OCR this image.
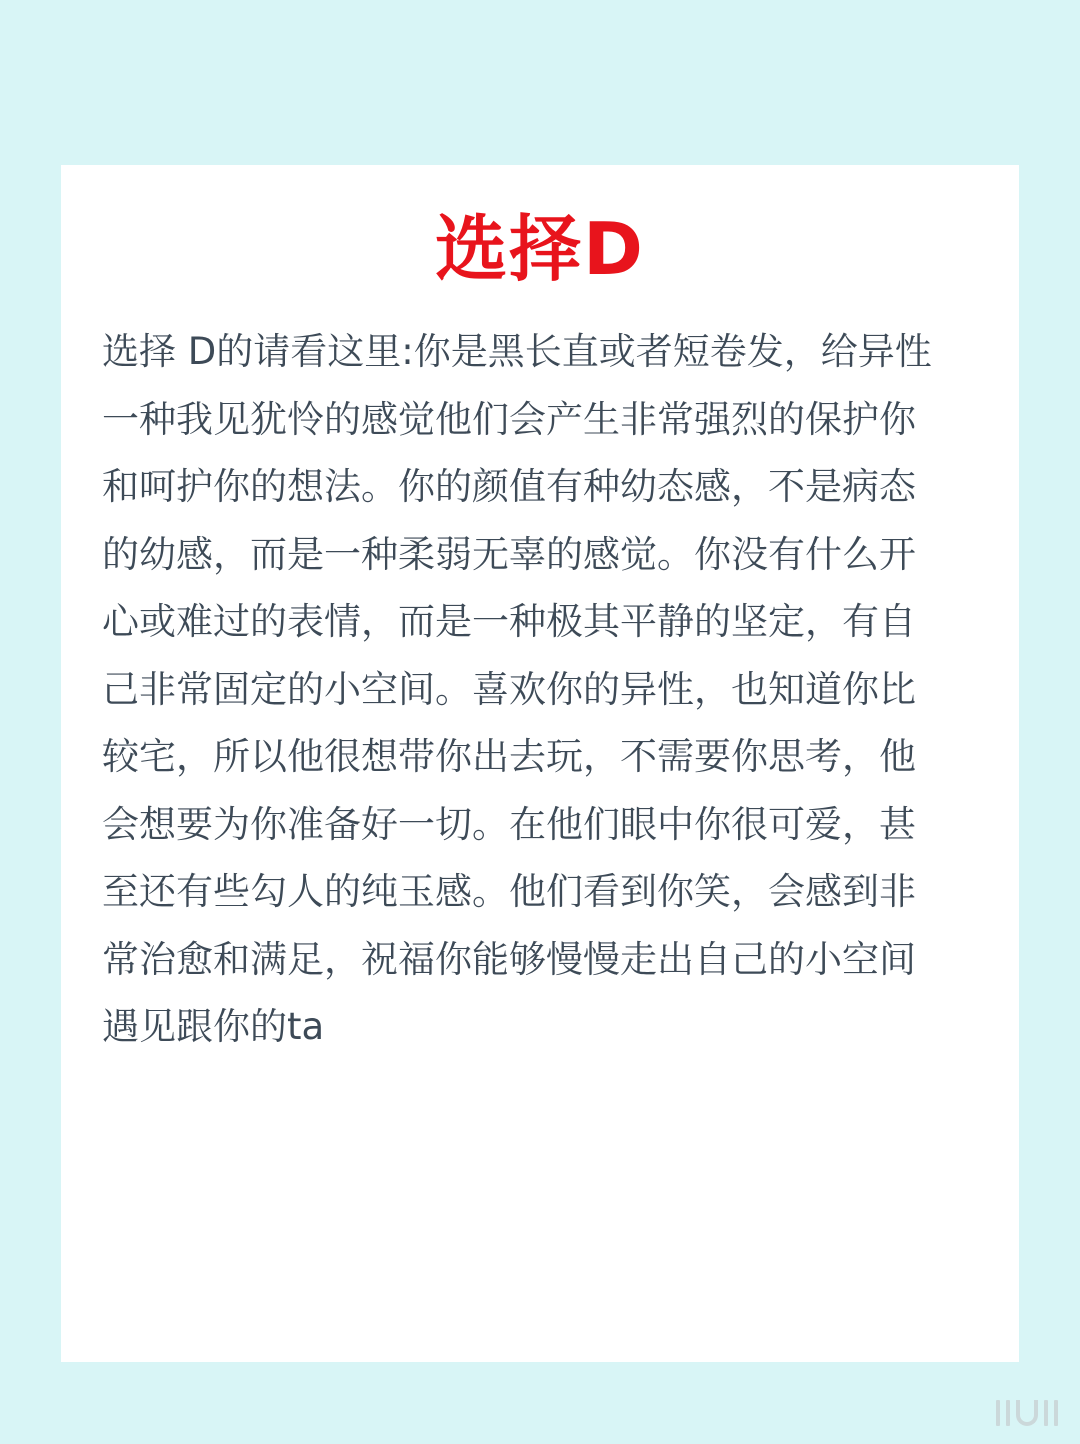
选择D

选择 D的请看这里:你是黑长直或者短卷发，给异性
一种我见犹怜的感觉他们会产生非常强烈的保护你
和呵护你的想法。你的颜值有种幼态感，不是病态
的幼感，而是一种柔弱无辜的感觉。你没有什么开
心或难过的表情，而是一种极其平静的坚定，有自
己非常固定的小空间。喜欢你的异性，也知道你比
较宅，所以他很想带你出去玩，不需要你思考，他
会想要为你准备好一切。在他们眼中你很可爱，甚
至还有些勾人的纯玉感。他们看到你笑，会感到非
常治愈和满足，祝福你能够慢慢走出自己的小空间
遇见跟你的ta
